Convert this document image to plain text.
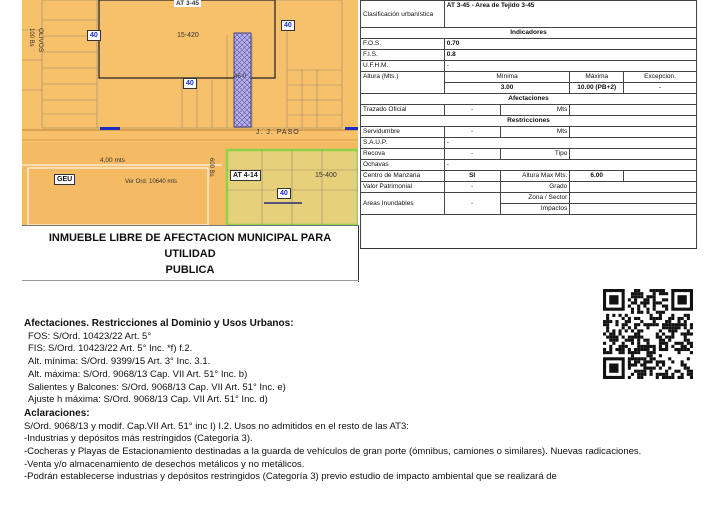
AT 3-45
OLIVOS
100 Bs	40
40
40
15-420
46-0
J. J. PASO
4,00 mts
GEU	Ver Ord. 10640 mts
AT 4-14	15-400
40
600 Bs
INMUEBLE LIBRE DE AFECTACION MUNICIPAL PARA UTILIDAD
PUBLICA
Clasificación urbanística	AT 3-45 - Area de Tejido 3-45			
Indicadores				
F.O.S.	0.70			
F.I.S.	0.8			
U.F.H.M.	-			
Altura (Mts.)	Mínima		Máxima	Excepcion.
	3.00		10.00 (PB+2)	-
Afectaciones				
Trazado Oficial	-	Mts		
Restricciones				
Servidumbre	-	Mts		
S.A.U.P.	-			
Recova	-	Tipo		
Ochavas	-			
Centro de Manzana	SI	Altura Max Mts.	6.00	
Valor Patrimonial	-	Grado		
Areas Inundables	-	Zona / Sector		
		Impactos		

Afectaciones. Restricciones al Dominio y Usos Urbanos:

FOS: S/Ord. 10423/22 Art. 5°

FIS: S/Ord. 10423/22 Art. 5° Inc. *f) f.2.

Alt. mínima: S/Ord. 9399/15 Art. 3° Inc. 3.1.

Alt. máxima: S/Ord. 9068/13 Cap. VII Art. 51° Inc. b)

Salientes y Balcones: S/Ord. 9068/13 Cap. VII Art. 51° Inc. e)

Ajuste h máxima: S/Ord. 9068/13 Cap. VII Art. 51° Inc. d)

Aclaraciones:

S/Ord. 9068/13 y modif. Cap.VII Art. 51° inc I) I.2. Usos no admitidos en el resto de las AT3:

-Industrias y depósitos más restringidos (Categoría 3).

-Cocheras y Playas de Estacionamiento destinadas a la guarda de vehículos de gran porte (ómnibus, camiones o similares). Nuevas radicaciones.

-Venta y/o almacenamiento de desechos metálicos y no metálicos.

-Podrán establecerse industrias y depósitos restringidos (Categoría 3) previo estudio de impacto ambiental que se realizará de
